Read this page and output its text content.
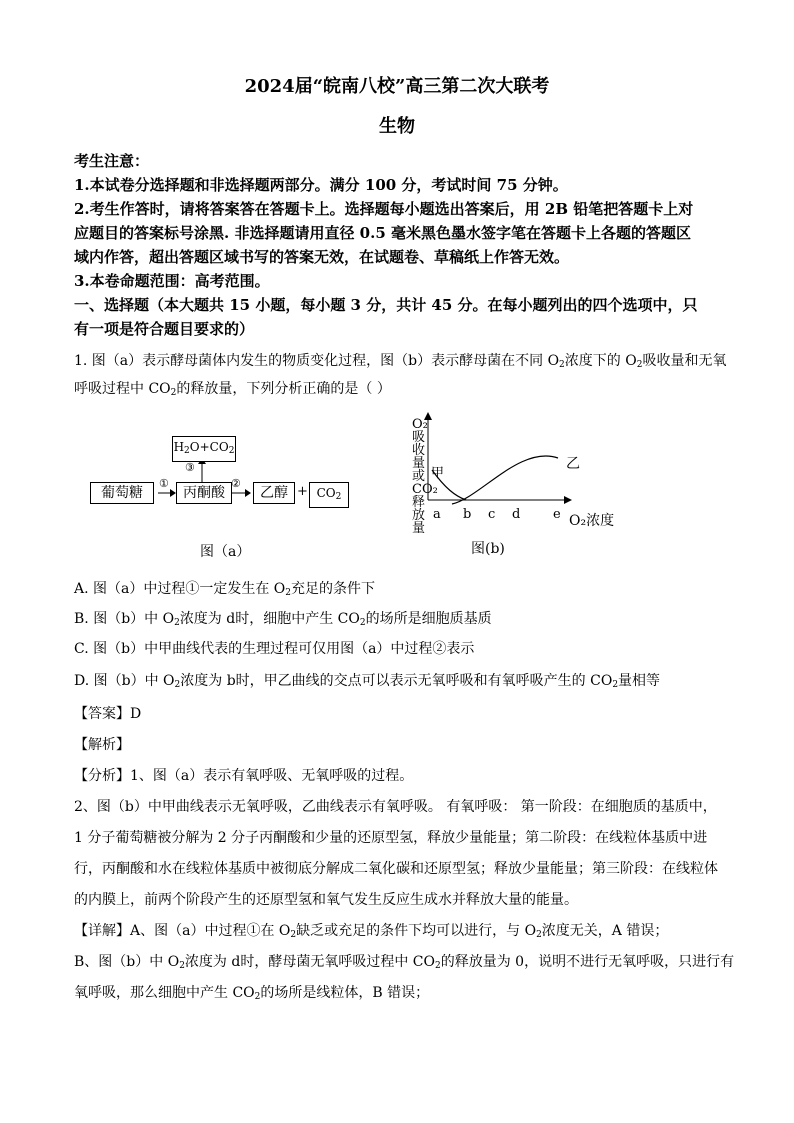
2024届“皖南八校”高三第二次大联考
生物
考生注意：
1.本试卷分选择题和非选择题两部分。满分 100 分，考试时间 75 分钟。
2.考生作答时，请将答案答在答题卡上。选择题每小题选出答案后，用 2B 铅笔把答题卡上对
应题目的答案标号涂黑. 非选择题请用直径 0.5 毫米黑色墨水签字笔在答题卡上各题的答题区
域内作答，超出答题区域书写的答案无效，在试题卷、草稿纸上作答无效。
3.本卷命题范围：高考范围。
一、选择题（本大题共 15 小题，每小题 3 分，共计 45 分。在每小题列出的四个选项中，只
有一项是符合题目要求的）
1. 图（a）表示酵母菌体内发生的物质变化过程，图（b）表示酵母菌在不同 $O_2$浓度下的 $O_2$吸收量和无氧
呼吸过程中 $CO_2$的释放量，下列分析正确的是（ ）
葡萄糖	丙酮酸	乙醇	$CO_2$
$H_2O+CO_2$
①	②
③
+
图（a）
O₂吸收量或CO₂释放量	O₂浓度
甲
乙
a b c d	e
图(b)
A. 图（a）中过程①一定发生在 $O_2$充足的条件下
B. 图（b）中 $O_2$浓度为 d时，细胞中产生 $CO_2$的场所是细胞质基质
C. 图（b）中甲曲线代表的生理过程可仅用图（a）中过程②表示
D. 图（b）中 $O_2$浓度为 b时，甲乙曲线的交点可以表示无氧呼吸和有氧呼吸产生的 $CO_2$量相等
【答案】D
【解析】
【分析】1、图（a）表示有氧呼吸、无氧呼吸的过程。
2、图（b）中甲曲线表示无氧呼吸，乙曲线表示有氧呼吸。 有氧呼吸： 第一阶段：在细胞质的基质中，
1 分子葡萄糖被分解为 2 分子丙酮酸和少量的还原型氢，释放少量能量；第二阶段：在线粒体基质中进
行，丙酮酸和水在线粒体基质中被彻底分解成二氧化碳和还原型氢；释放少量能量；第三阶段：在线粒体
的内膜上，前两个阶段产生的还原型氢和氧气发生反应生成水并释放大量的能量。
【详解】A、图（a）中过程①在 $O_2$缺乏或充足的条件下均可以进行，与 $O_2$浓度无关，A 错误；
B、图（b）中 $O_2$浓度为 d时，酵母菌无氧呼吸过程中 $CO_2$的释放量为 0，说明不进行无氧呼吸，只进行有
氧呼吸，那么细胞中产生 $CO_2$的场所是线粒体，B 错误；
